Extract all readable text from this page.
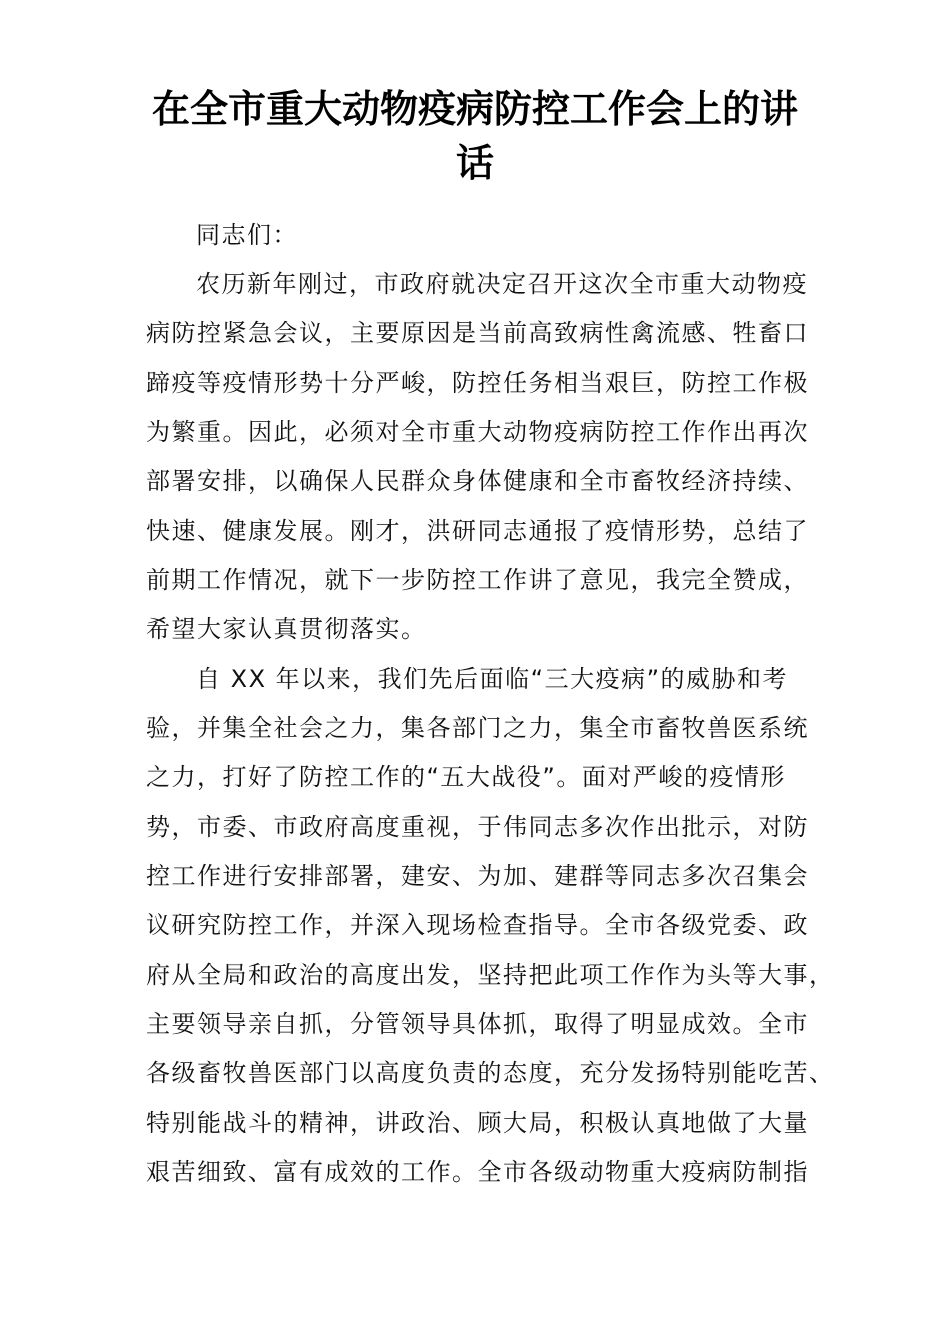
在全市重大动物疫病防控工作会上的讲
话
同志们：
农历新年刚过，市政府就决定召开这次全市重大动物疫
病防控紧急会议，主要原因是当前高致病性禽流感、牲畜口
蹄疫等疫情形势十分严峻，防控任务相当艰巨，防控工作极
为繁重。因此，必须对全市重大动物疫病防控工作作出再次
部署安排，以确保人民群众身体健康和全市畜牧经济持续、
快速、健康发展。刚才，洪研同志通报了疫情形势，总结了
前期工作情况，就下一步防控工作讲了意见，我完全赞成，
希望大家认真贯彻落实。
自 XX 年以来，我们先后面临“三大疫病”的威胁和考
验，并集全社会之力，集各部门之力，集全市畜牧兽医系统
之力，打好了防控工作的“五大战役”。面对严峻的疫情形
势，市委、市政府高度重视，于伟同志多次作出批示，对防
控工作进行安排部署，建安、为加、建群等同志多次召集会
议研究防控工作，并深入现场检查指导。全市各级党委、政
府从全局和政治的高度出发，坚持把此项工作作为头等大事，
主要领导亲自抓，分管领导具体抓，取得了明显成效。全市
各级畜牧兽医部门以高度负责的态度，充分发扬特别能吃苦、
特别能战斗的精神，讲政治、顾大局，积极认真地做了大量
艰苦细致、富有成效的工作。全市各级动物重大疫病防制指
